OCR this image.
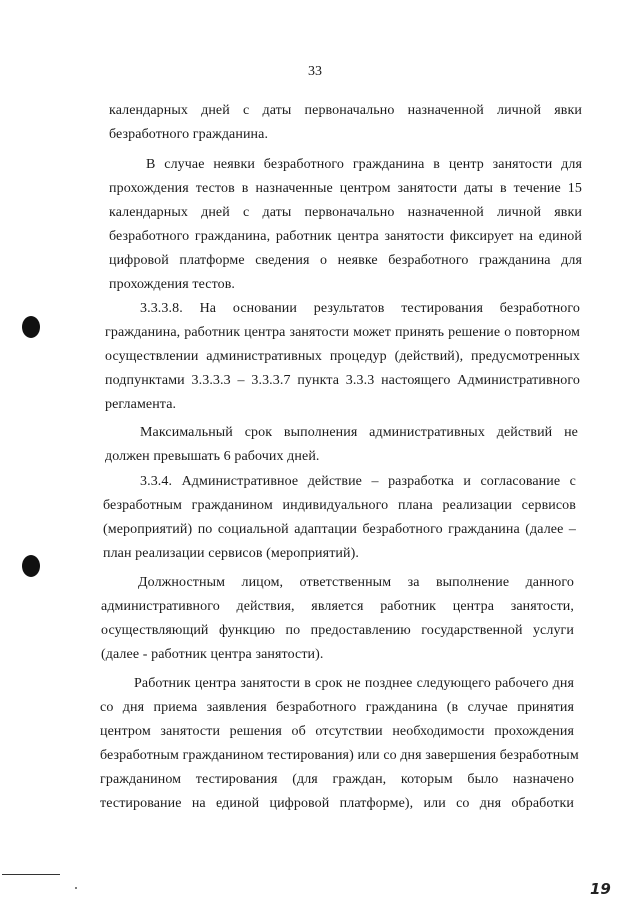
33
календарных дней с даты первоначально назначенной личной явки
безработного гражданина.
В случае неявки безработного гражданина в центр занятости для
прохождения тестов в назначенные центром занятости даты в течение 15
календарных дней с даты первоначально назначенной личной явки
безработного гражданина, работник центра занятости фиксирует на единой
цифровой платформе сведения о неявке безработного гражданина для
прохождения тестов.
3.3.3.8. На основании результатов тестирования безработного
гражданина, работник центра занятости может принять решение о повторном
осуществлении административных процедур (действий), предусмотренных
подпунктами 3.3.3.3 – 3.3.3.7 пункта 3.3.3 настоящего Административного
регламента.
Максимальный срок выполнения административных действий не
должен превышать 6 рабочих дней.
3.3.4. Административное действие – разработка и согласование с
безработным гражданином индивидуального плана реализации сервисов
(мероприятий) по социальной адаптации безработного гражданина (далее –
план реализации сервисов (мероприятий).
Должностным лицом, ответственным за выполнение данного
административного действия, является работник центра занятости,
осуществляющий функцию по предоставлению государственной услуги
(далее - работник центра занятости).
Работник центра занятости в срок не позднее следующего рабочего дня
со дня приема заявления безработного гражданина (в случае принятия
центром занятости решения об отсутствии необходимости прохождения
безработным гражданином тестирования) или со дня завершения безработным
гражданином тестирования (для граждан, которым было назначено
тестирование на единой цифровой платформе), или со дня обработки
19
